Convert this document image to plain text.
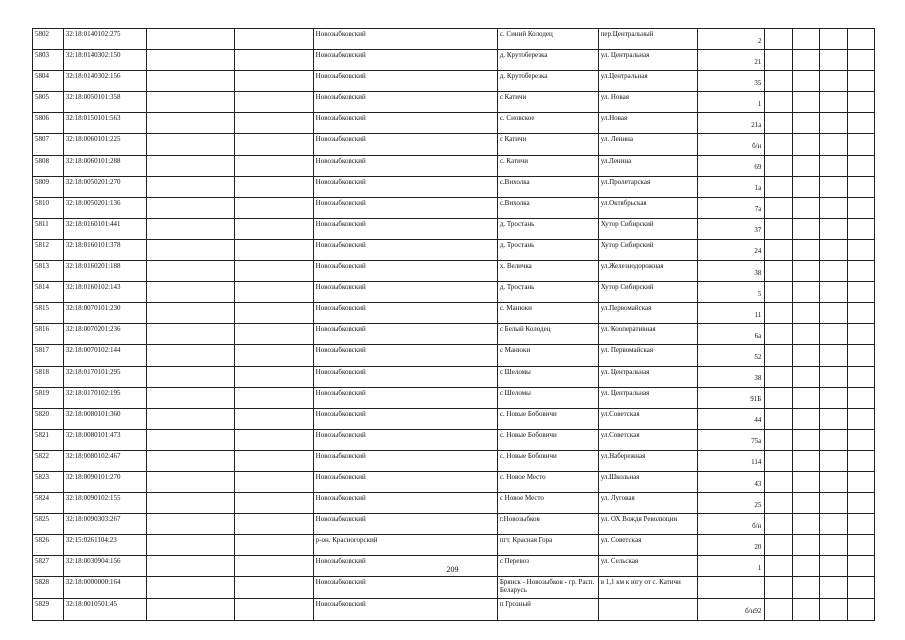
5802	32:18:0140102:275			Новозыбковский	с. Синий Колодец	пер.Центральный	2				
5803	32:18:0140302:150			Новозыбковский	д. Крутоберезка	ул. Центральная	21				
5804	32:18:0140302:156			Новозыбковский	д. Крутоберезка	ул.Центральная	35				
5805	32:18:0050101:358			Новозыбковский	с Катичи	ул. Новая	1				
5806	32:18:0150101:563			Новозыбковский	с. Сновское	ул.Новая	21а				
5807	32:18:0060101:225			Новозыбковский	с Катичи	ул. Ленина	б/н				
5808	32:18:0060101:288			Новозыбковский	с. Катичи	ул.Ленина	69				
5809	32:18:0050201:270			Новозыбковский	с.Вихолка	ул.Пролетарская	1а				
5810	32:18:0050201:136			Новозыбковский	с.Вихолка	ул.Октябрьская	7а				
5811	32:18:0160101:441			Новозыбковский	д. Тростань	Хутор Сибирский	37				
5812	32:18:0160101:378			Новозыбковский	д. Тростань	Хутор Сибирский	24				
5813	32:18:0160201:188			Новозыбковский	х. Величка	ул.Железнодорожная	38				
5814	32:18:0160102:143			Новозыбковский	д. Тростань	Хутор Сибирский	5				
5815	32:18:0070101:230			Новозыбковский	с. Манюки	ул.Первомайская	11				
5816	32:18:0070201:236			Новозыбковский	с Белый Колодец	ул. Кооперативная	6а				
5817	32:18:0070102:144			Новозыбковский	с Манюки	ул. Первомайская	52				
5818	32:18:0170101:295			Новозыбковский	с Шеломы	ул. Центральная	38				
5819	32:18:0170102:195			Новозыбковский	с Шеломы	ул. Центральная	91Б				
5820	32:18:0080101:360			Новозыбковский	с. Новые Бобовичи	ул.Советская	44				
5821	32:18:0080101:473			Новозыбковский	с. Новые Бобовичи	ул.Советская	75а				
5822	32:18:0080102:467			Новозыбковский	с. Новые Бобовичи	ул.Набережная	114				
5823	32:18:0090101:270			Новозыбковский	с. Новое Место	ул.Школьная	43				
5824	32:18:0090102:155			Новозыбковский	с Новое Место	ул. Луговая	25				
5825	32:18:0090303:267			Новозыбковский	г.Новозыбков	ул. ОХ Вождя Революции	б/н				
5826	32:15:0261104:23			р-он. Красногорский	пгт. Красная Гора	ул. Советская	20				
5827	32:18:0030904:156			Новозыбковский	с Перевоз	ул. Сельская	1				
5828	32:18:0000000:164			Новозыбковский	Брянск - Новозыбков - гр. Расп. Беларусь	в 1,1 км к югу от с. Катичи					
5829	32:18:0010501:45			Новозыбковский	п Грозный		б/н92				
209
